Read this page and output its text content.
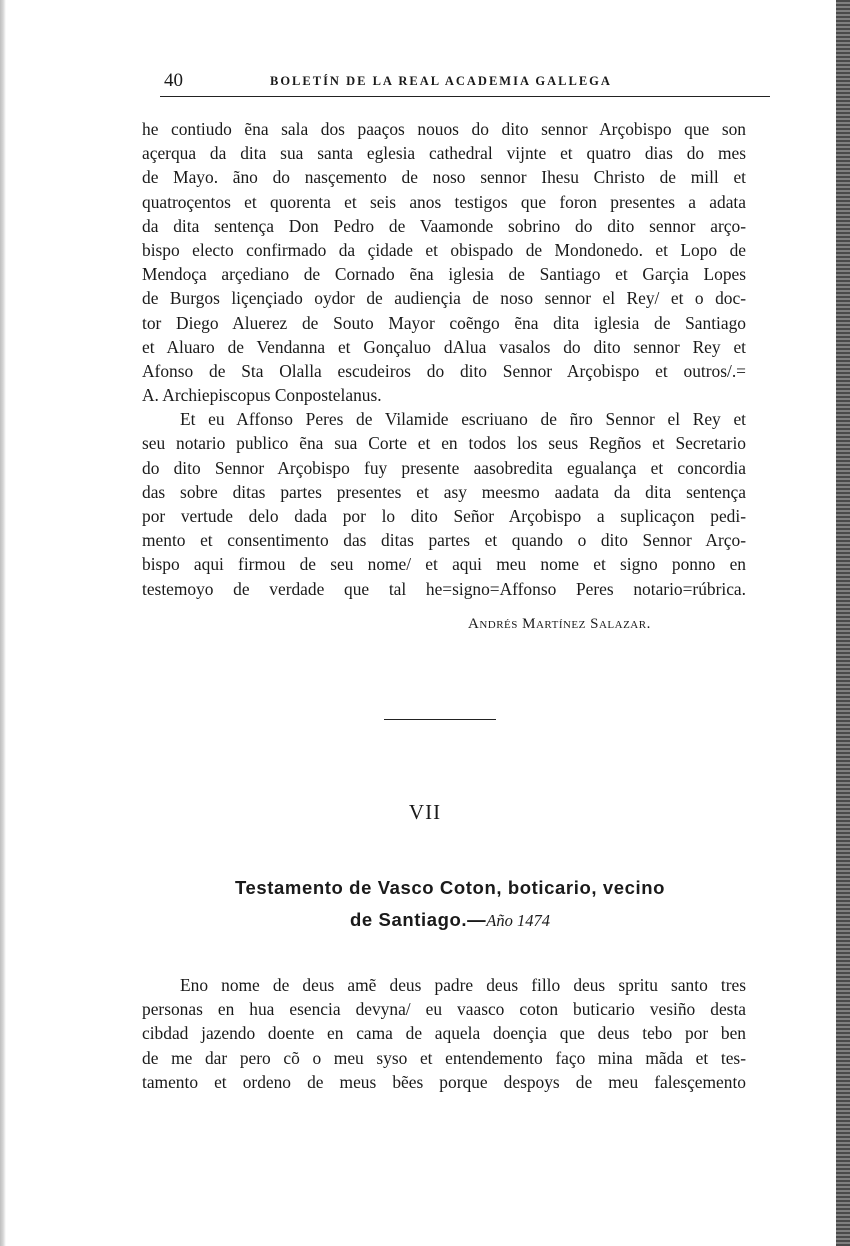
40	BOLETÍN DE LA REAL ACADEMIA GALLEGA
he contiudo ẽna sala dos paaços nouos do dito sennor Arçobispo que son
açerqua da dita sua santa eglesia cathedral vijnte et quatro dias do mes
de Mayo. ãno do nasçemento de noso sennor Ihesu Christo de mill et
quatroçentos et quorenta et seis anos testigos que foron presentes a adata
da dita sentença Don Pedro de Vaamonde sobrino do dito sennor arço-
bispo electo confirmado da çidade et obispado de Mondonedo. et Lopo de
Mendoça arçediano de Cornado ẽna iglesia de Santiago et Garçia Lopes
de Burgos liçençiado oydor de audiençia de noso sennor el Rey/ et o doc-
tor Diego Aluerez de Souto Mayor coẽngo ẽna dita iglesia de Santiago
et Aluaro de Vendanna et Gonçaluo dAlua vasalos do dito sennor Rey et
Afonso de Sta Olalla escudeiros do dito Sennor Arçobispo et outros/.=
A. Archiepiscopus Conpostelanus.
Et eu Affonso Peres de Vilamide escriuano de ñro Sennor el Rey et
seu notario publico ẽna sua Corte et en todos los seus Regños et Secretario
do dito Sennor Arçobispo fuy presente aasobredita egualança et concordia
das sobre ditas partes presentes et asy meesmo aadata da dita sentença
por vertude delo dada por lo dito Señor Arçobispo a suplicaçon pedi-
mento et consentimento das ditas partes et quando o dito Sennor Arço-
bispo aqui firmou de seu nome/ et aqui meu nome et signo ponno en
testemoyo de verdade que tal he=signo=Affonso Peres notario=rúbrica.
Andrés Martínez Salazar.
VII
Testamento de Vasco Coton, boticario, vecino
de Santiago.—Año 1474
Eno nome de deus amẽ deus padre deus fillo deus spritu santo tres
personas en hua esencia devyna/ eu vaasco coton buticario vesiño desta
cibdad jazendo doente en cama de aquela doençia que deus tebo por ben
de me dar pero cõ o meu syso et entendemento faço mina mãda et tes-
tamento et ordeno de meus bẽes porque despoys de meu falesçemento
